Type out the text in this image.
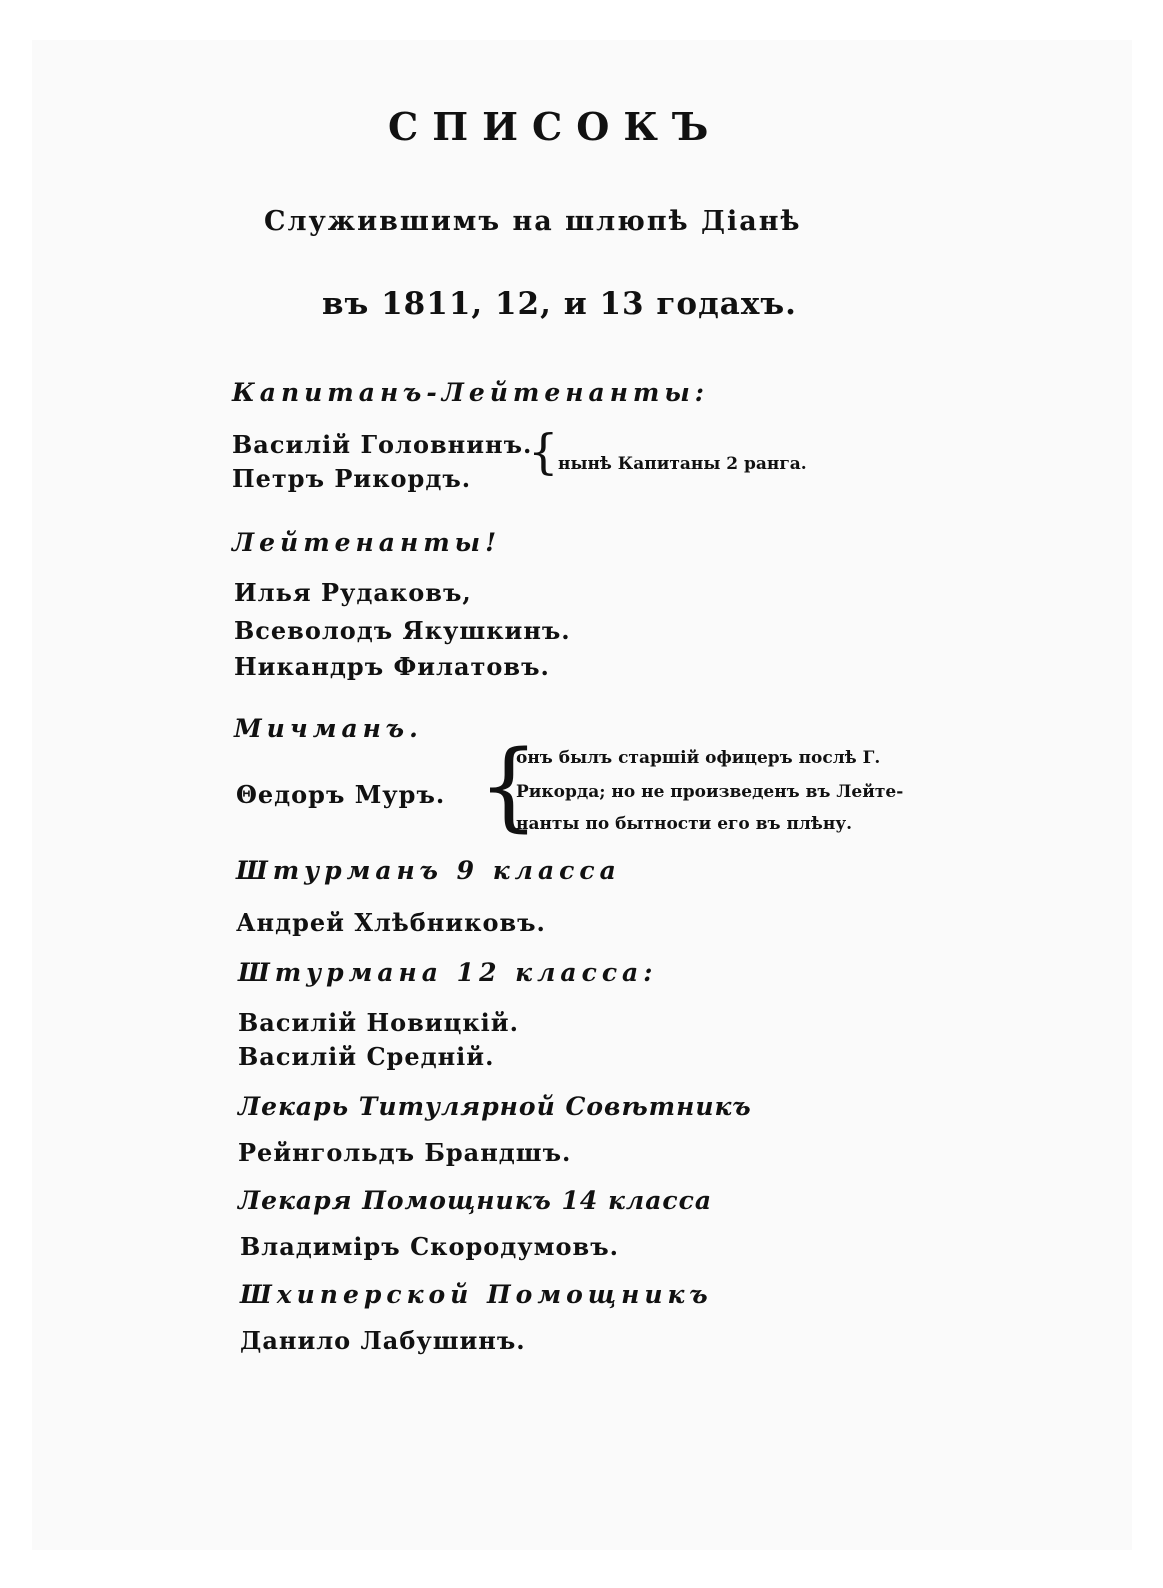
СПИСОКЪ
Служившимъ на шлюпѣ Діанѣ
въ 1811, 12, и 13 годахъ.
Капитанъ-Лейтенанты:
Василій Головнинъ.
Петръ Рикордъ. { нынѣ Капитаны 2 ранга.
Лейтенанты!
Илья Рудаковъ,
Всеволодъ Якушкинъ.
Никандръ Филатовъ.
Мичманъ.
Θедоръ Муръ. {
онъ былъ старшій офицеръ послѣ Г.
Рикорда; но не произведенъ въ Лейте-
нанты по бытности его въ плѣну.
Штурманъ 9 класса
Андрей Хлѣбниковъ.
Штурмана 12 класса:
Василій Новицкій.
Василій Средній.
Лекарь Титулярной Совѣтникъ
Рейнгольдъ Брандшъ.
Лекаря Помощникъ 14 класса
Владиміръ Скородумовъ.
Шхиперской Помощникъ
Данило Лабушинъ.
